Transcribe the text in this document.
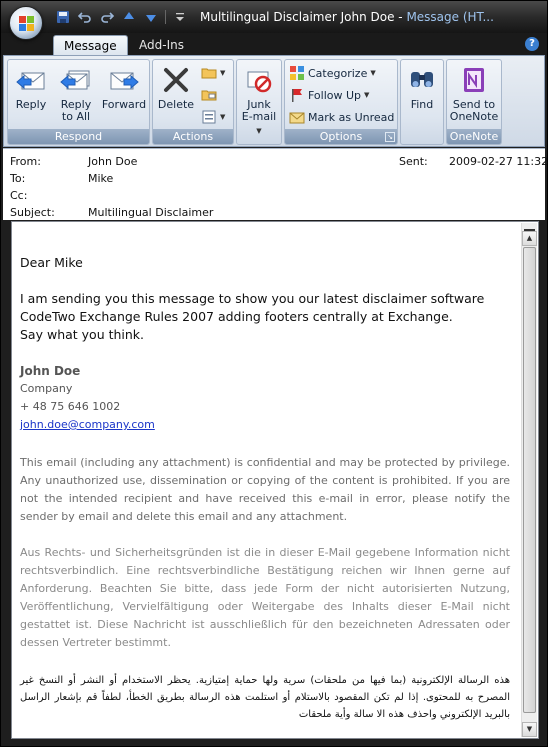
Multilingual Disclaimer John Doe - Message (HT...
Message	Add-Ins	?
Reply	Reply
to All
Forward
Respond
Delete
▼
▼
Actions
Junk
E-mail ▼
Categorize ▼
Follow Up ▼
Mark as Unread
Options	↘
Find	Send to
OneNote
OneNote
From:	John Doe	Sent: 2009-02-27 11:32
To:	Mike
Cc:
Subject:	Multilingual Disclaimer
Dear Mike
I am sending you this message to show you our latest disclaimer software
CodeTwo Exchange Rules 2007 adding footers centrally at Exchange.
Say what you think.
John Doe
Company
+ 48 75 646 1002
john.doe@company.com
This email (including any attachment) is confidential and may be protected by privilege. Any unauthorized use, dissemination or copying of the content is prohibited. If you are not the intended recipient and have received this e-mail in error, please notify the sender by email and delete this email and any attachment.
Aus Rechts- und Sicherheitsgründen ist die in dieser E-Mail gegebene Information nicht rechtsverbindlich. Eine rechtsverbindliche Bestätigung reichen wir Ihnen gerne auf Anforderung. Beachten Sie bitte, dass jede Form der nicht autorisierten Nutzung, Veröffentlichung, Vervielfältigung oder Weitergabe des Inhalts dieser E-Mail nicht gestattet ist. Diese Nachricht ist ausschließlich für den bezeichneten Adressaten oder dessen Vertreter bestimmt.
هذه الرسالة الإلكترونية (بما فيها من ملحقات) سرية ولها حماية إمتيازية. يحظر الاستخدام أو النشر أو النسخ غير المصرح به للمحتوى. إذا لم تكن المقصود بالاستلام أو استلمت هذه الرسالة بطريق الخطأ، لطفاً قم بإشعار الراسل بالبريد الإلكتروني واحذف هذه الا سالة وأية ملحقات
▲
▼
